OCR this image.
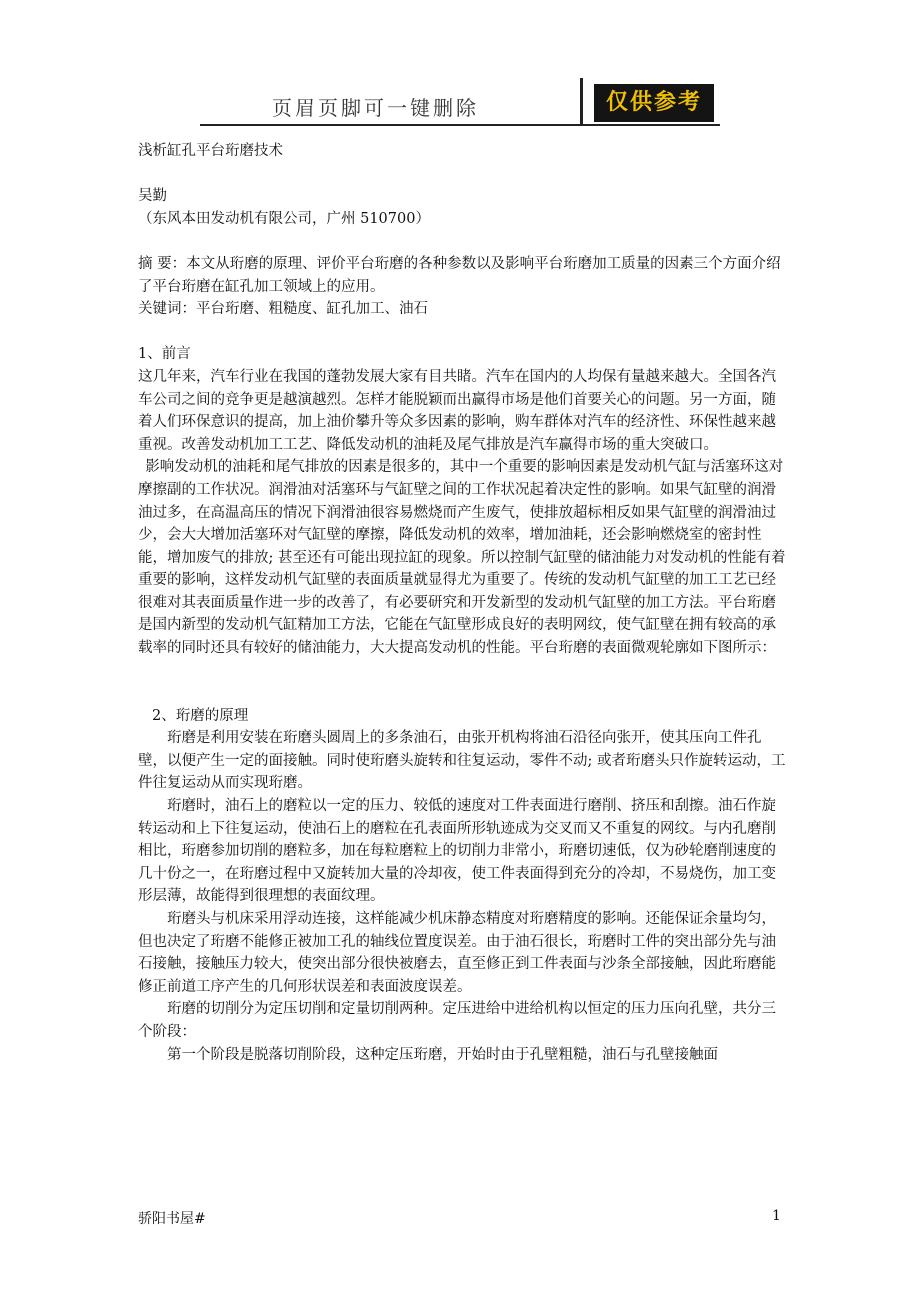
页眉页脚可一键删除	仅供参考

浅析缸孔平台珩磨技术

吴勤

（东风本田发动机有限公司，广州 510700）

摘 要：本文从珩磨的原理、评价平台珩磨的各种参数以及影响平台珩磨加工质量的因素三个方面介绍了平台珩磨在缸孔加工领域上的应用。

关键词：平台珩磨、粗糙度、缸孔加工、油石

1、前言

这几年来，汽车行业在我国的蓬勃发展大家有目共睹。汽车在国内的人均保有量越来越大。全国各汽车公司之间的竞争更是越演越烈。怎样才能脱颖而出赢得市场是他们首要关心的问题。另一方面，随着人们环保意识的提高，加上油价攀升等众多因素的影响，购车群体对汽车的经济性、环保性越来越重视。改善发动机加工工艺、降低发动机的油耗及尾气排放是汽车赢得市场的重大突破口。

影响发动机的油耗和尾气排放的因素是很多的，其中一个重要的影响因素是发动机气缸与活塞环这对摩擦副的工作状况。润滑油对活塞环与气缸壁之间的工作状况起着决定性的影响。如果气缸壁的润滑油过多，在高温高压的情况下润滑油很容易燃烧而产生废气，使排放超标相反如果气缸壁的润滑油过少，会大大增加活塞环对气缸壁的摩擦，降低发动机的效率，增加油耗，还会影响燃烧室的密封性能，增加废气的排放; 甚至还有可能出现拉缸的现象。所以控制气缸壁的储油能力对发动机的性能有着重要的影响，这样发动机气缸壁的表面质量就显得尤为重要了。传统的发动机气缸壁的加工工艺已经很难对其表面质量作进一步的改善了，有必要研究和开发新型的发动机气缸壁的加工方法。平台珩磨是国内新型的发动机气缸精加工方法，它能在气缸壁形成良好的表明网纹，使气缸壁在拥有较高的承载率的同时还具有较好的储油能力，大大提高发动机的性能。平台珩磨的表面微观轮廓如下图所示：

2、珩磨的原理

珩磨是利用安装在珩磨头圆周上的多条油石，由张开机构将油石沿径向张开，使其压向工件孔壁，以便产生一定的面接触。同时使珩磨头旋转和往复运动，零件不动; 或者珩磨头只作旋转运动，工件往复运动从而实现珩磨。

珩磨时，油石上的磨粒以一定的压力、较低的速度对工件表面进行磨削、挤压和刮擦。油石作旋转运动和上下往复运动，使油石上的磨粒在孔表面所形轨迹成为交叉而又不重复的网纹。与内孔磨削相比，珩磨参加切削的磨粒多，加在每粒磨粒上的切削力非常小，珩磨切速低，仅为砂轮磨削速度的几十份之一，在珩磨过程中又旋转加大量的冷却夜，使工件表面得到充分的冷却，不易烧伤，加工变形层薄，故能得到很理想的表面纹理。

珩磨头与机床采用浮动连接，这样能减少机床静态精度对珩磨精度的影响。还能保证余量均匀，但也决定了珩磨不能修正被加工孔的轴线位置度误差。由于油石很长，珩磨时工件的突出部分先与油石接触，接触压力较大，使突出部分很快被磨去，直至修正到工件表面与沙条全部接触，因此珩磨能修正前道工序产生的几何形状误差和表面波度误差。

珩磨的切削分为定压切削和定量切削两种。定压进给中进给机构以恒定的压力压向孔壁，共分三个阶段：

第一个阶段是脱落切削阶段，这种定压珩磨，开始时由于孔壁粗糙，油石与孔壁接触面

骄阳书屋#	1
